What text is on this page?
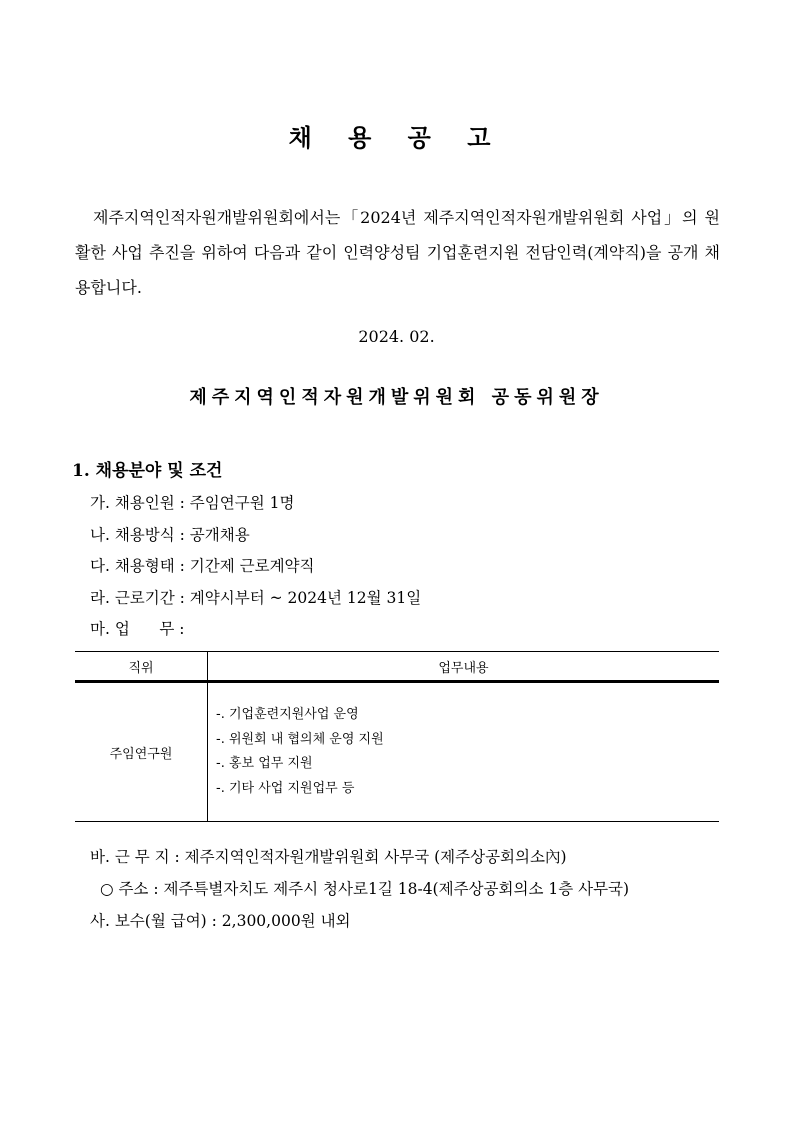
채 용 공 고
제주지역인적자원개발위원회에서는「2024년 제주지역인적자원개발위원회 사업」의 원활한 사업 추진을 위하여 다음과 같이 인력양성팀 기업훈련지원 전담인력(계약직)을 공개 채용합니다.
2024. 02.
제주지역인적자원개발위원회 공동위원장
1. 채용분야 및 조건
가. 채용인원 : 주임연구원 1명
나. 채용방식 : 공개채용
다. 채용형태 : 기간제 근로계약직
라. 근로기간 : 계약시부터 ~ 2024년 12월 31일
마. 업      무 :
직위	업무내용
주임연구원	-. 기업훈련지원사업 운영
-. 위원회 내 협의체 운영 지원
-. 홍보 업무 지원
-. 기타 사업 지원업무 등
바. 근 무 지 : 제주지역인적자원개발위원회 사무국 (제주상공회의소內)
○ 주소 : 제주특별자치도 제주시 청사로1길 18-4(제주상공회의소 1층 사무국)
사. 보수(월 급여) : 2,300,000원 내외
